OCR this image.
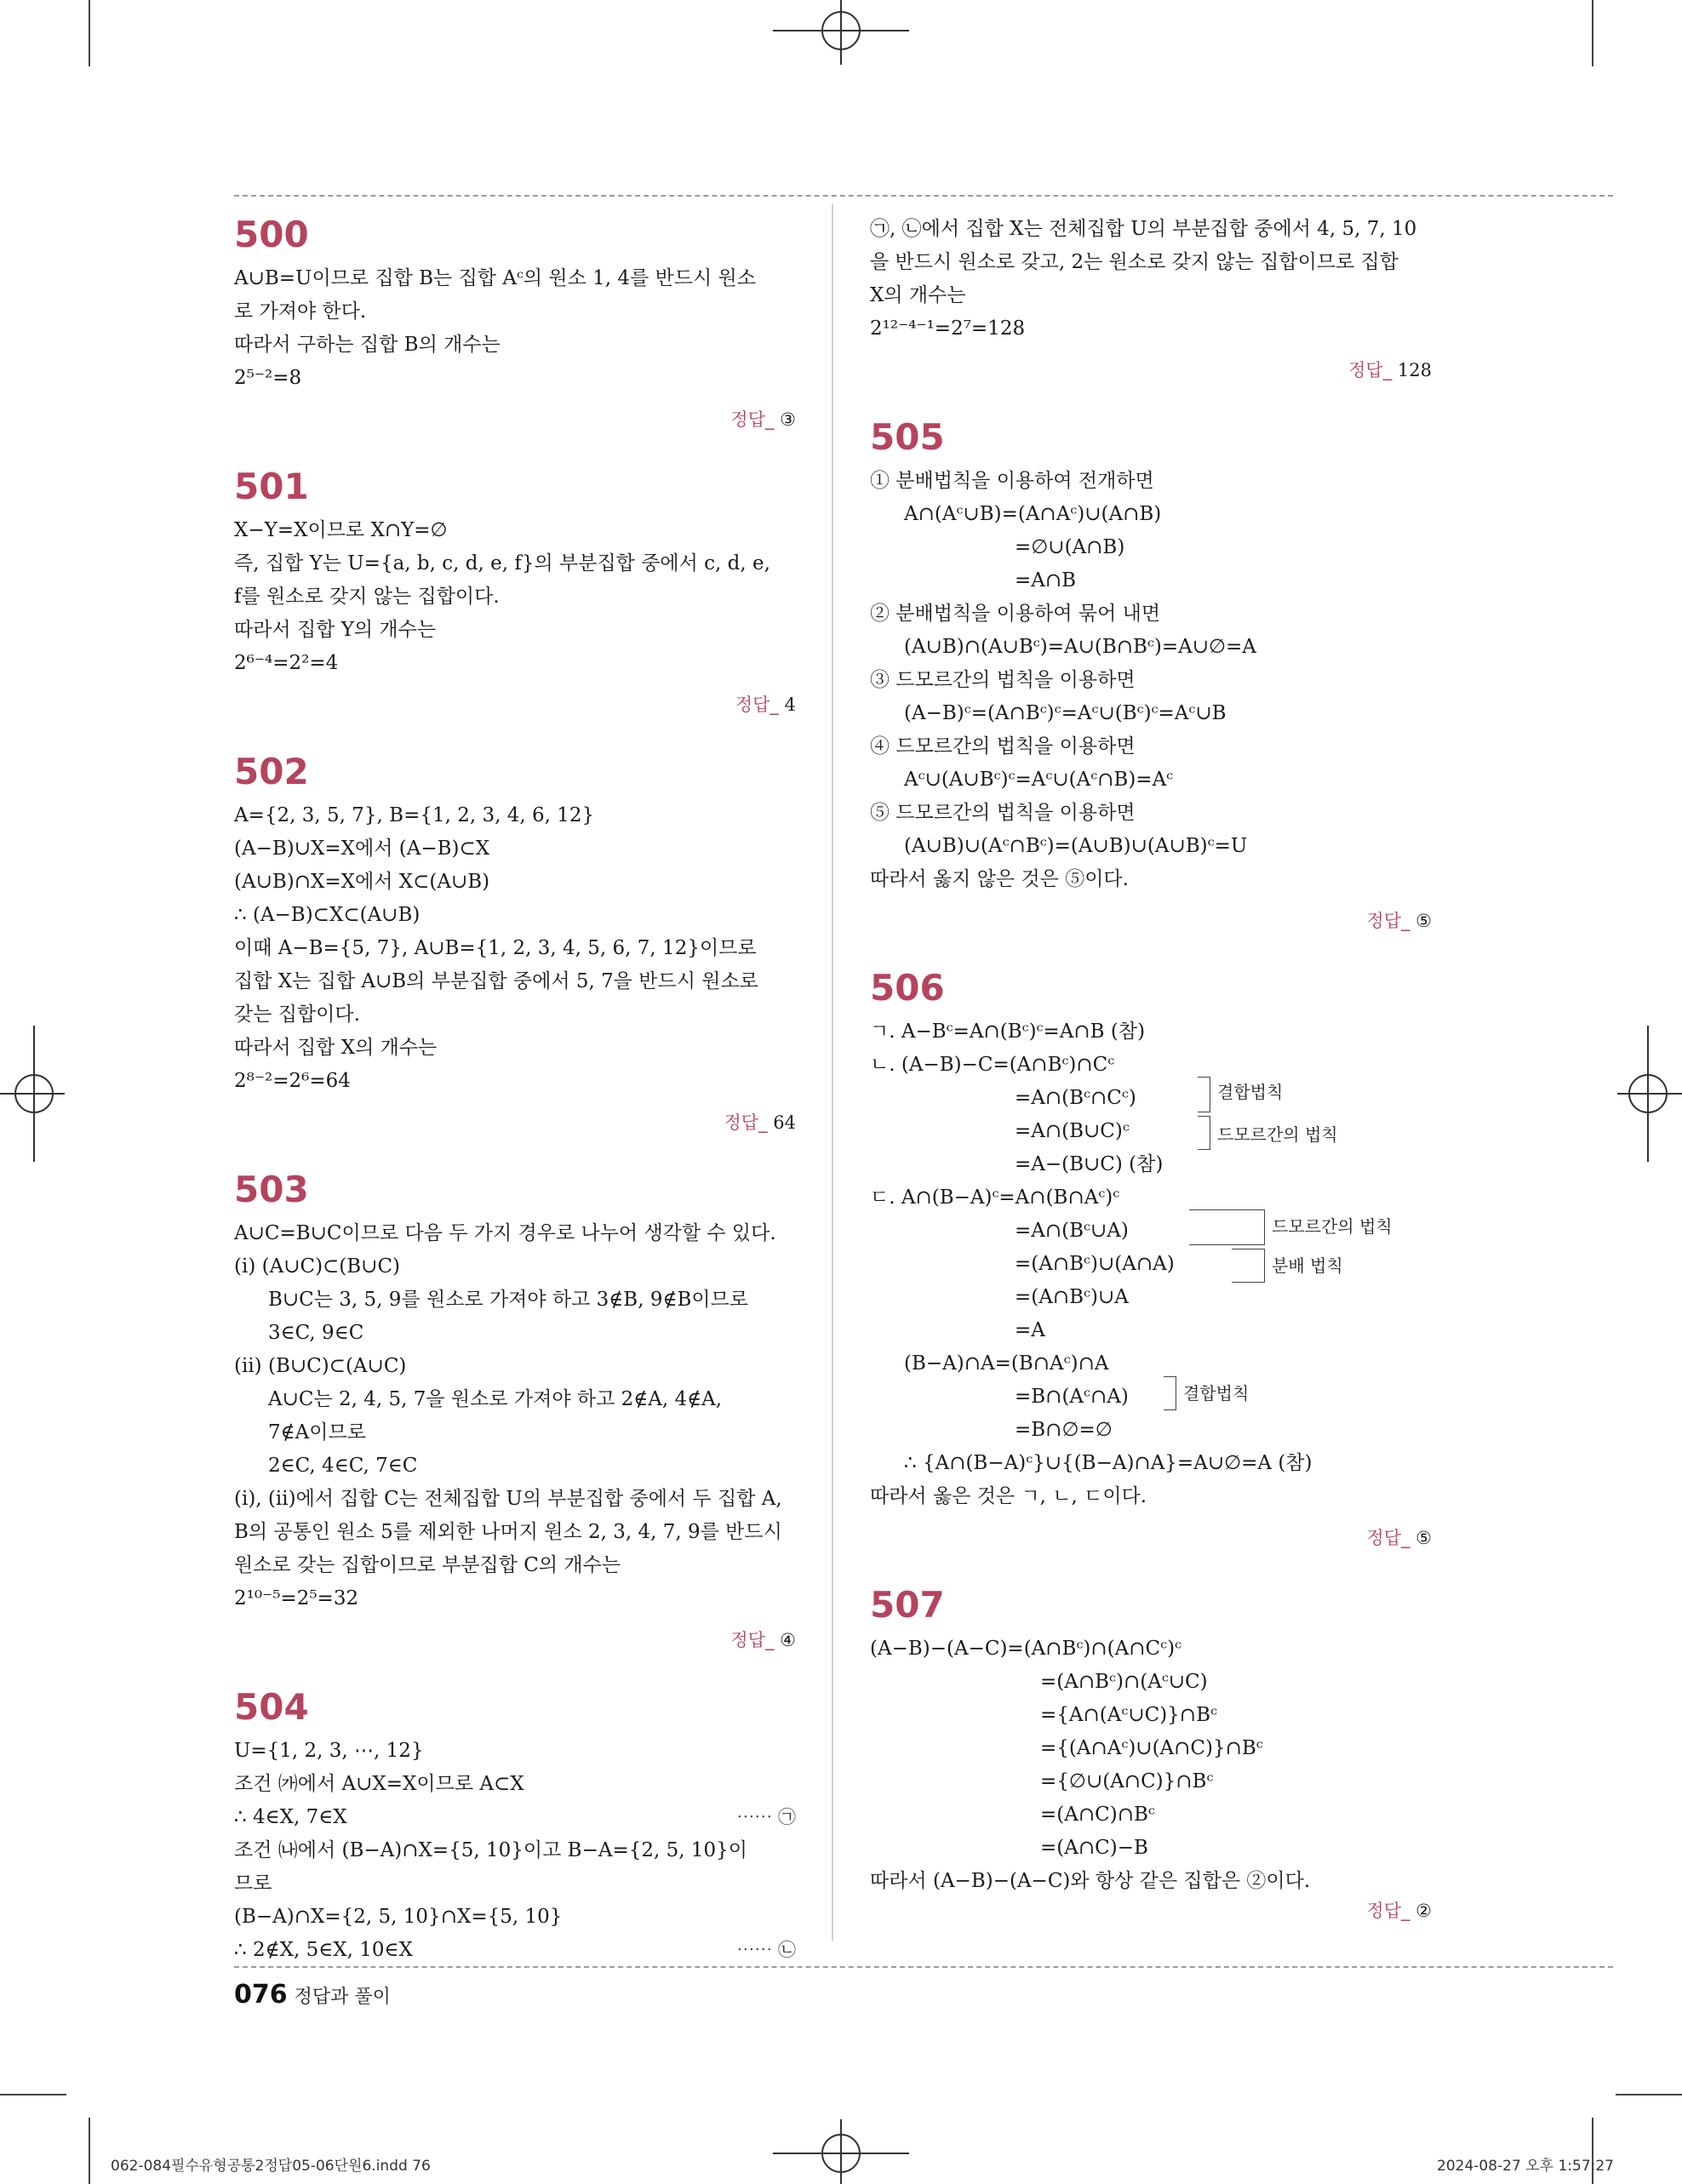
500
A∪B=U이므로 집합 B는 집합 Aᶜ의 원소 1, 4를 반드시 원소
로 가져야 한다.
따라서 구하는 집합 B의 개수는
2⁵⁻²=8
정답_ ③
501
X−Y=X이므로 X∩Y=∅
즉, 집합 Y는 U={a, b, c, d, e, f}의 부분집합 중에서 c, d, e,
f를 원소로 갖지 않는 집합이다.
따라서 집합 Y의 개수는
2⁶⁻⁴=2²=4
정답_ 4
502
A={2, 3, 5, 7}, B={1, 2, 3, 4, 6, 12}
(A−B)∪X=X에서 (A−B)⊂X
(A∪B)∩X=X에서 X⊂(A∪B)
∴ (A−B)⊂X⊂(A∪B)
이때 A−B={5, 7}, A∪B={1, 2, 3, 4, 5, 6, 7, 12}이므로
집합 X는 집합 A∪B의 부분집합 중에서 5, 7을 반드시 원소로
갖는 집합이다.
따라서 집합 X의 개수는
2⁸⁻²=2⁶=64
정답_ 64
503
A∪C=B∪C이므로 다음 두 가지 경우로 나누어 생각할 수 있다.
(ⅰ) (A∪C)⊂(B∪C)
B∪C는 3, 5, 9를 원소로 가져야 하고 3∉B, 9∉B이므로
3∈C, 9∈C
(ⅱ) (B∪C)⊂(A∪C)
A∪C는 2, 4, 5, 7을 원소로 가져야 하고 2∉A, 4∉A,
7∉A이므로
2∈C, 4∈C, 7∈C
(ⅰ), (ⅱ)에서 집합 C는 전체집합 U의 부분집합 중에서 두 집합 A,
B의 공통인 원소 5를 제외한 나머지 원소 2, 3, 4, 7, 9를 반드시
원소로 갖는 집합이므로 부분집합 C의 개수는
2¹⁰⁻⁵=2⁵=32
정답_ ④
504
U={1, 2, 3, ⋯, 12}
조건 ㈎에서 A∪X=X이므로 A⊂X
∴ 4∈X, 7∈X	⋯⋯ ㉠
조건 ㈏에서 (B−A)∩X={5, 10}이고 B−A={2, 5, 10}이
므로
(B−A)∩X={2, 5, 10}∩X={5, 10}
∴ 2∉X, 5∈X, 10∈X	⋯⋯ ㉡
㉠, ㉡에서 집합 X는 전체집합 U의 부분집합 중에서 4, 5, 7, 10
을 반드시 원소로 갖고, 2는 원소로 갖지 않는 집합이므로 집합
X의 개수는
2¹²⁻⁴⁻¹=2⁷=128
정답_ 128
505
① 분배법칙을 이용하여 전개하면
A∩(Aᶜ∪B)=(A∩Aᶜ)∪(A∩B)
=∅∪(A∩B)
=A∩B
② 분배법칙을 이용하여 묶어 내면
(A∪B)∩(A∪Bᶜ)=A∪(B∩Bᶜ)=A∪∅=A
③ 드모르간의 법칙을 이용하면
(A−B)ᶜ=(A∩Bᶜ)ᶜ=Aᶜ∪(Bᶜ)ᶜ=Aᶜ∪B
④ 드모르간의 법칙을 이용하면
Aᶜ∪(A∪Bᶜ)ᶜ=Aᶜ∪(Aᶜ∩B)=Aᶜ
⑤ 드모르간의 법칙을 이용하면
(A∪B)∪(Aᶜ∩Bᶜ)=(A∪B)∪(A∪B)ᶜ=U
따라서 옳지 않은 것은 ⑤이다.
정답_ ⑤
506
ㄱ. A−Bᶜ=A∩(Bᶜ)ᶜ=A∩B (참)
ㄴ. (A−B)−C=(A∩Bᶜ)∩Cᶜ
=A∩(Bᶜ∩Cᶜ)
=A∩(B∪C)ᶜ
=A−(B∪C) (참)
ㄷ. A∩(B−A)ᶜ=A∩(B∩Aᶜ)ᶜ
=A∩(Bᶜ∪A)
=(A∩Bᶜ)∪(A∩A)
=(A∩Bᶜ)∪A
=A
(B−A)∩A=(B∩Aᶜ)∩A
=B∩(Aᶜ∩A)
=B∩∅=∅
∴ {A∩(B−A)ᶜ}∪{(B−A)∩A}=A∪∅=A (참)
따라서 옳은 것은 ㄱ, ㄴ, ㄷ이다.
정답_ ⑤
결합법칙
드모르간의 법칙
드모르간의 법칙
분배 법칙
결합법칙
507
(A−B)−(A−C)=(A∩Bᶜ)∩(A∩Cᶜ)ᶜ
=(A∩Bᶜ)∩(Aᶜ∪C)
={A∩(Aᶜ∪C)}∩Bᶜ
={(A∩Aᶜ)∪(A∩C)}∩Bᶜ
={∅∪(A∩C)}∩Bᶜ
=(A∩C)∩Bᶜ
=(A∩C)−B
따라서 (A−B)−(A−C)와 항상 같은 집합은 ②이다.
정답_ ②
076 정답과 풀이
062-084필수유형공통2정답05-06단원6.indd 76	2024-08-27 오후 1:57:27
